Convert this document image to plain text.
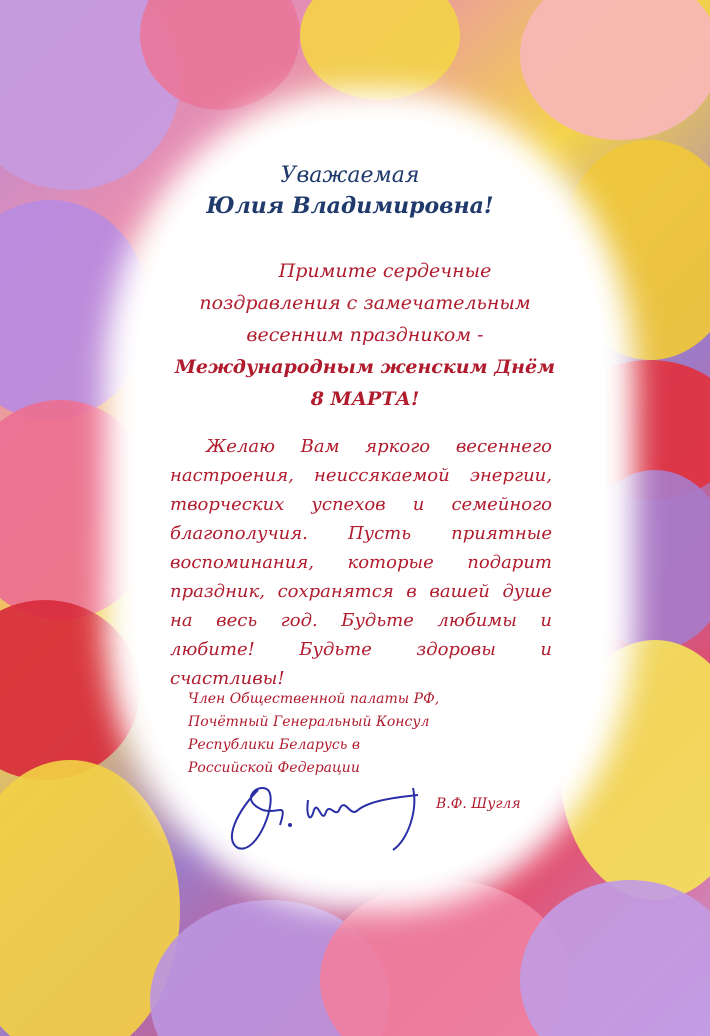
Уважаемая
Юлия Владимировна!
Примите сердечные
поздравления с замечательным
весенним праздником -
Международным женским Днём
8 МАРТА!
Желаю Вам яркого весеннего настроения, неиссякаемой энергии, творческих успехов и семейного благополучия. Пусть приятные воспоминания, которые подарит праздник, сохранятся в вашей душе на весь год. Будьте любимы и любите! Будьте здоровы и счастливы!
Член Общественной палаты РФ,
Почётный Генеральный Консул
Республики Беларусь в
Российской Федерации
В.Ф. Шугля
